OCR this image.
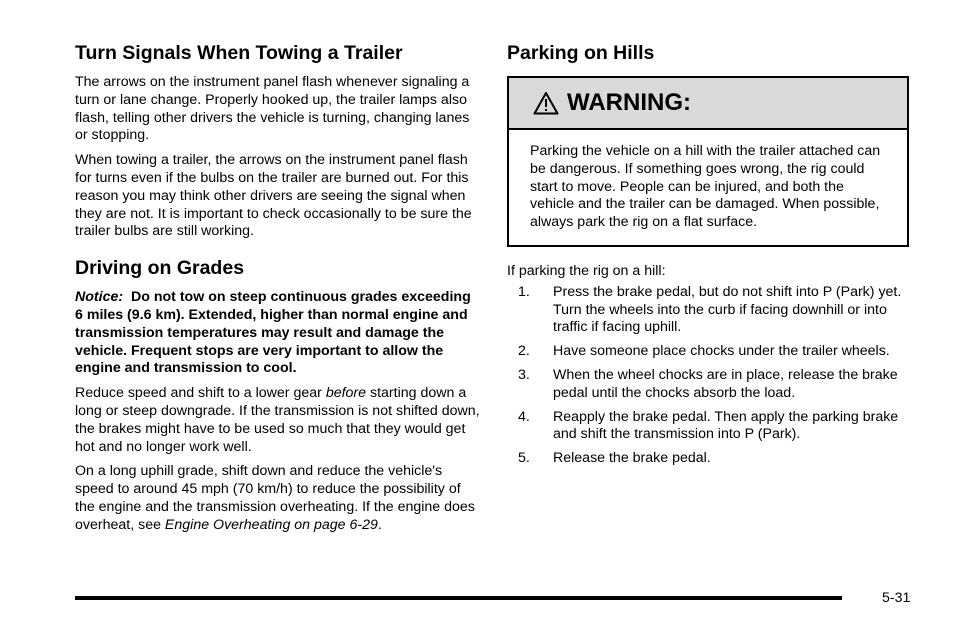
Turn Signals When Towing a Trailer

The arrows on the instrument panel flash whenever signaling a turn or lane change. Properly hooked up, the trailer lamps also flash, telling other drivers the vehicle is turning, changing lanes or stopping.

When towing a trailer, the arrows on the instrument panel flash for turns even if the bulbs on the trailer are burned out. For this reason you may think other drivers are seeing the signal when they are not. It is important to check occasionally to be sure the trailer bulbs are still working.

Driving on Grades

Notice: Do not tow on steep continuous grades exceeding 6 miles (9.6 km). Extended, higher than normal engine and transmission temperatures may result and damage the vehicle. Frequent stops are very important to allow the engine and transmission to cool.

Reduce speed and shift to a lower gear before starting down a long or steep downgrade. If the transmission is not shifted down, the brakes might have to be used so much that they would get hot and no longer work well.

On a long uphill grade, shift down and reduce the vehicle's speed to around 45 mph (70 km/h) to reduce the possibility of the engine and the transmission overheating. If the engine does overheat, see Engine Overheating on page 6-29.

Parking on Hills
WARNING:

Parking the vehicle on a hill with the trailer attached can be dangerous. If something goes wrong, the rig could start to move. People can be injured, and both the vehicle and the trailer can be damaged. When possible, always park the rig on a flat surface.

If parking the rig on a hill:

1.	Press the brake pedal, but do not shift into P (Park) yet. Turn the wheels into the curb if facing downhill or into traffic if facing uphill.
2.	Have someone place chocks under the trailer wheels.
3.	When the wheel chocks are in place, release the brake pedal until the chocks absorb the load.
4.	Reapply the brake pedal. Then apply the parking brake and shift the transmission into P (Park).
5.	Release the brake pedal.
5-31
